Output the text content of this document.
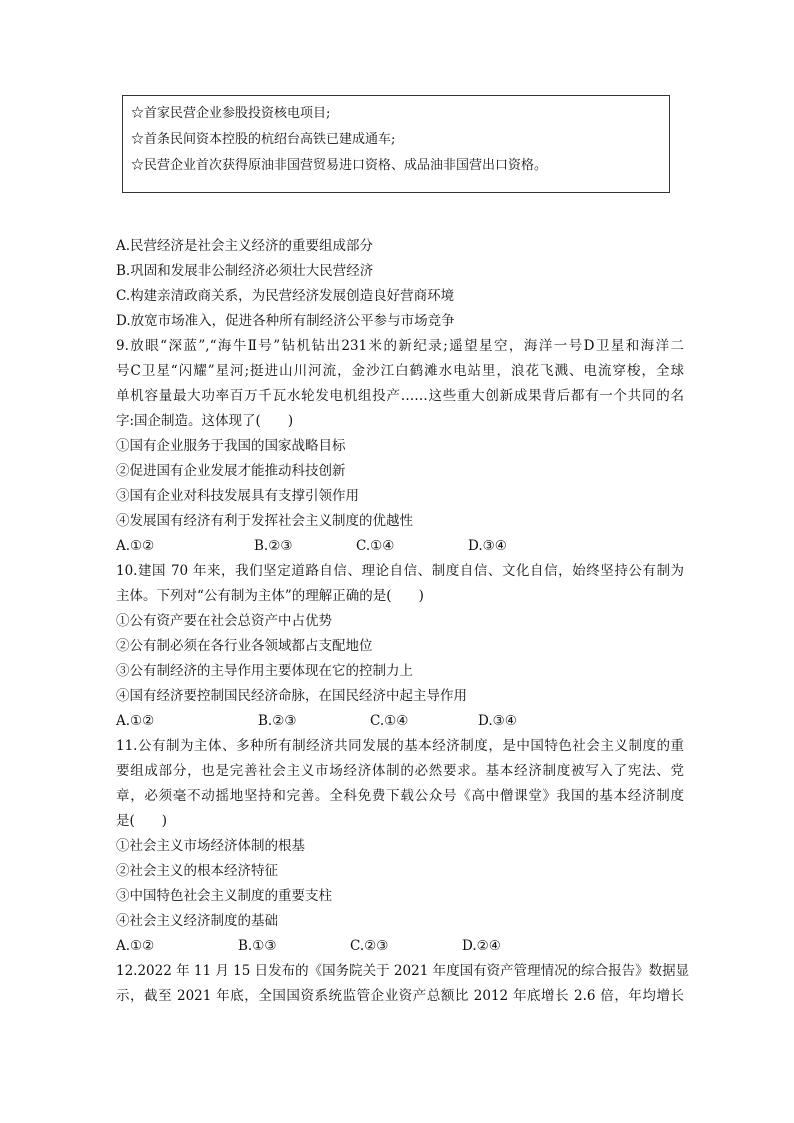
☆首家民营企业参股投资核电项目;
☆首条民间资本控股的杭绍台高铁已建成通车;
☆民营企业首次获得原油非国营贸易进口资格、成品油非国营出口资格。
A.民营经济是社会主义经济的重要组成部分
B.巩固和发展非公制经济必须壮大民营经济
C.构建亲清政商关系，为民营经济发展创造良好营商环境
D.放宽市场准入，促进各种所有制经济公平参与市场竞争
9.放眼“深蓝”,“海牛Ⅱ号”钻机钻出231米的新纪录;遥望星空，海洋一号D卫星和海洋二
号C卫星“闪耀”星河;挺进山川河流，金沙江白鹤滩水电站里，浪花飞溅、电流穿梭，全球
单机容量最大功率百万千瓦水轮发电机组投产……这些重大创新成果背后都有一个共同的名
字:国企制造。这体现了(　　)
①国有企业服务于我国的国家战略目标
②促进国有企业发展才能推动科技创新
③国有企业对科技发展具有支撑引领作用
④发展国有经济有利于发挥社会主义制度的优越性
A.①②	B.②③	C.①④	D.③④
10.建国 70 年来，我们坚定道路自信、理论自信、制度自信、文化自信，始终坚持公有制为
主体。下列对“公有制为主体”的理解正确的是(　　)
①公有资产要在社会总资产中占优势
②公有制必须在各行业各领域都占支配地位
③公有制经济的主导作用主要体现在它的控制力上
④国有经济要控制国民经济命脉，在国民经济中起主导作用
A.①②	B.②③	C.①④	D.③④
11.公有制为主体、多种所有制经济共同发展的基本经济制度，是中国特色社会主义制度的重
要组成部分，也是完善社会主义市场经济体制的必然要求。基本经济制度被写入了宪法、党
章，必须毫不动摇地坚持和完善。全科免费下载公众号《高中僧课堂》我国的基本经济制度
是(　　)
①社会主义市场经济体制的根基
②社会主义的根本经济特征
③中国特色社会主义制度的重要支柱
④社会主义经济制度的基础
A.①②	B.①③	C.②③	D.②④
12.2022 年 11 月 15 日发布的《国务院关于 2021 年度国有资产管理情况的综合报告》数据显
示，截至 2021 年底，全国国资系统监管企业资产总额比 2012 年底增长 2.6 倍，年均增长
